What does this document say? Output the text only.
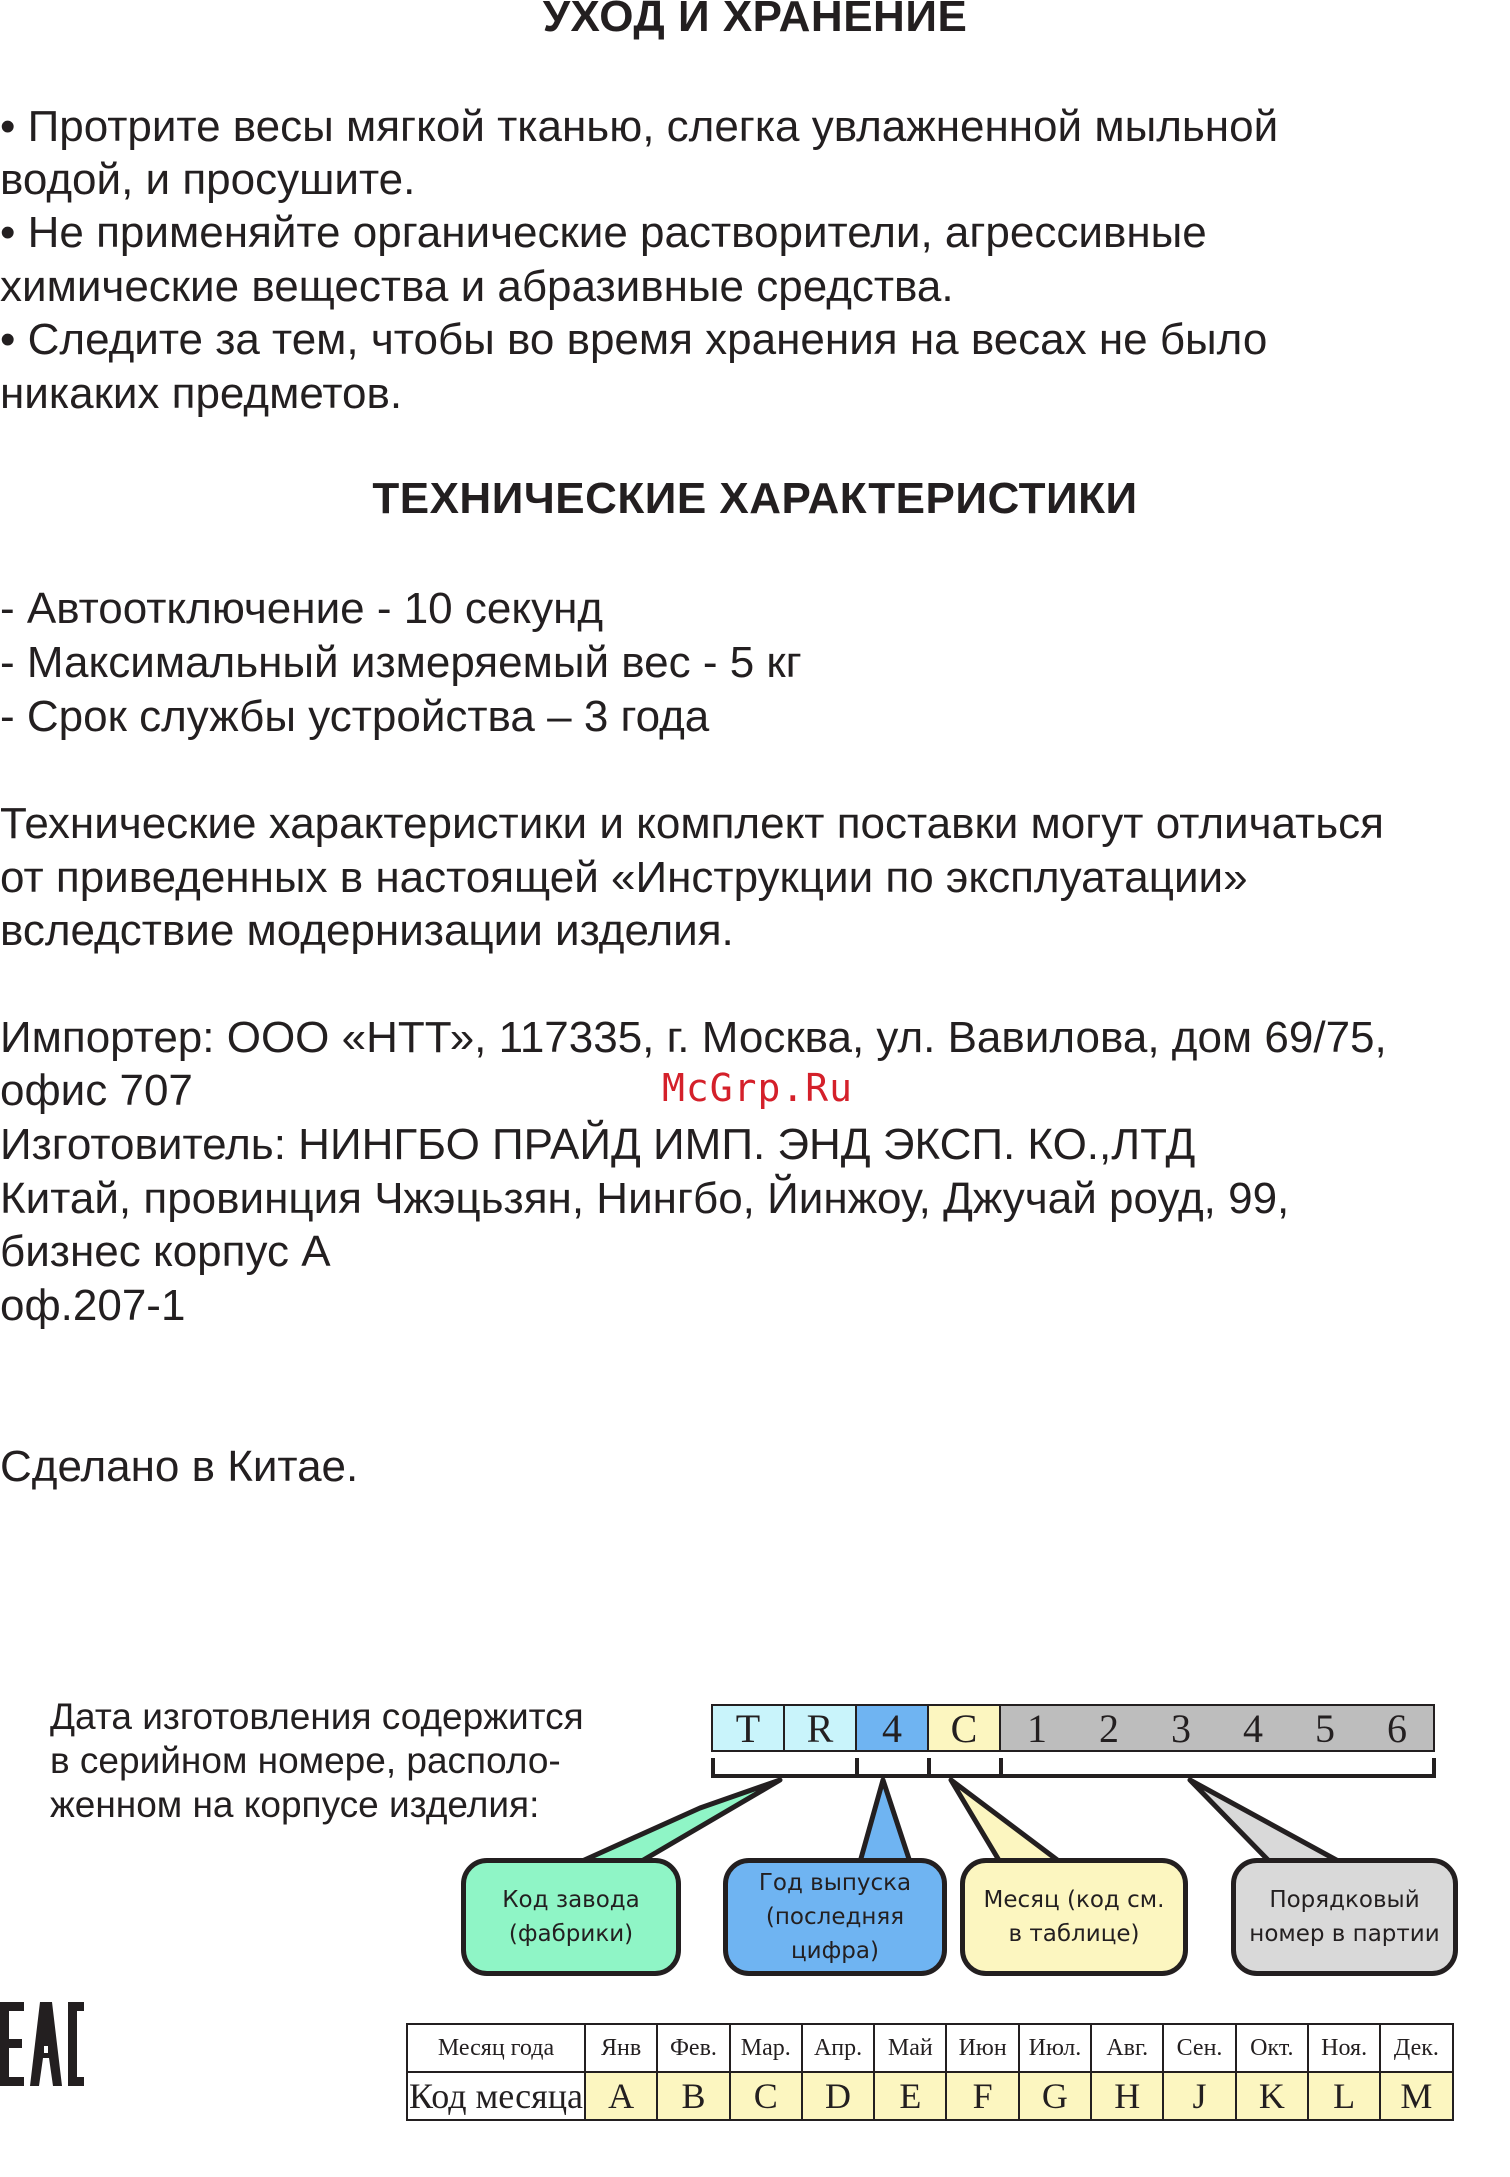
УХОД И ХРАНЕНИЕ
• Протрите весы мягкой тканью, слегка увлажненной мыльной
водой, и просушите.
• Не применяйте органические растворители, агрессивные
химические вещества и абразивные средства.
• Следите за тем, чтобы во время хранения на весах не было
никаких предметов.
ТЕХНИЧЕСКИЕ ХАРАКТЕРИСТИКИ
- Автоотключение - 10 секунд
- Максимальный измеряемый вес - 5 кг
- Срок службы устройства – 3 года
Технические характеристики и комплект поставки могут отличаться
от приведенных в настоящей «Инструкции по эксплуатации»
вследствие модернизации изделия.
Импортер: ООО «НТТ», 117335, г. Москва, ул. Вавилова, дом 69/75,
офис 707
Изготовитель: НИНГБО ПРАЙД ИМП. ЭНД ЭКСП. КО.,ЛТД
Китай, провинция Чжэцьзян, Нингбо, Йинжоу, Джучай роуд, 99,
бизнес корпус А
оф.207-1
Сделано в Китае.
McGrp.Ru
Дата изготовления содержится
в серийном номере, располо-
женном на корпусе изделия:
T	R	4	C	1	2	3	4	5	6
Код завода
(фабрики)
Год выпуска
(последняя
цифра)
Месяц (код см.
в таблице)
Порядковый
номер в партии
Месяц года	Янв	Фев.	Мар.	Апр.	Май	Июн	Июл.	Авг.	Сен.	Окт.	Ноя.	Дек.
Код месяца	A	B	C	D	E	F	G	H	J	K	L	M
